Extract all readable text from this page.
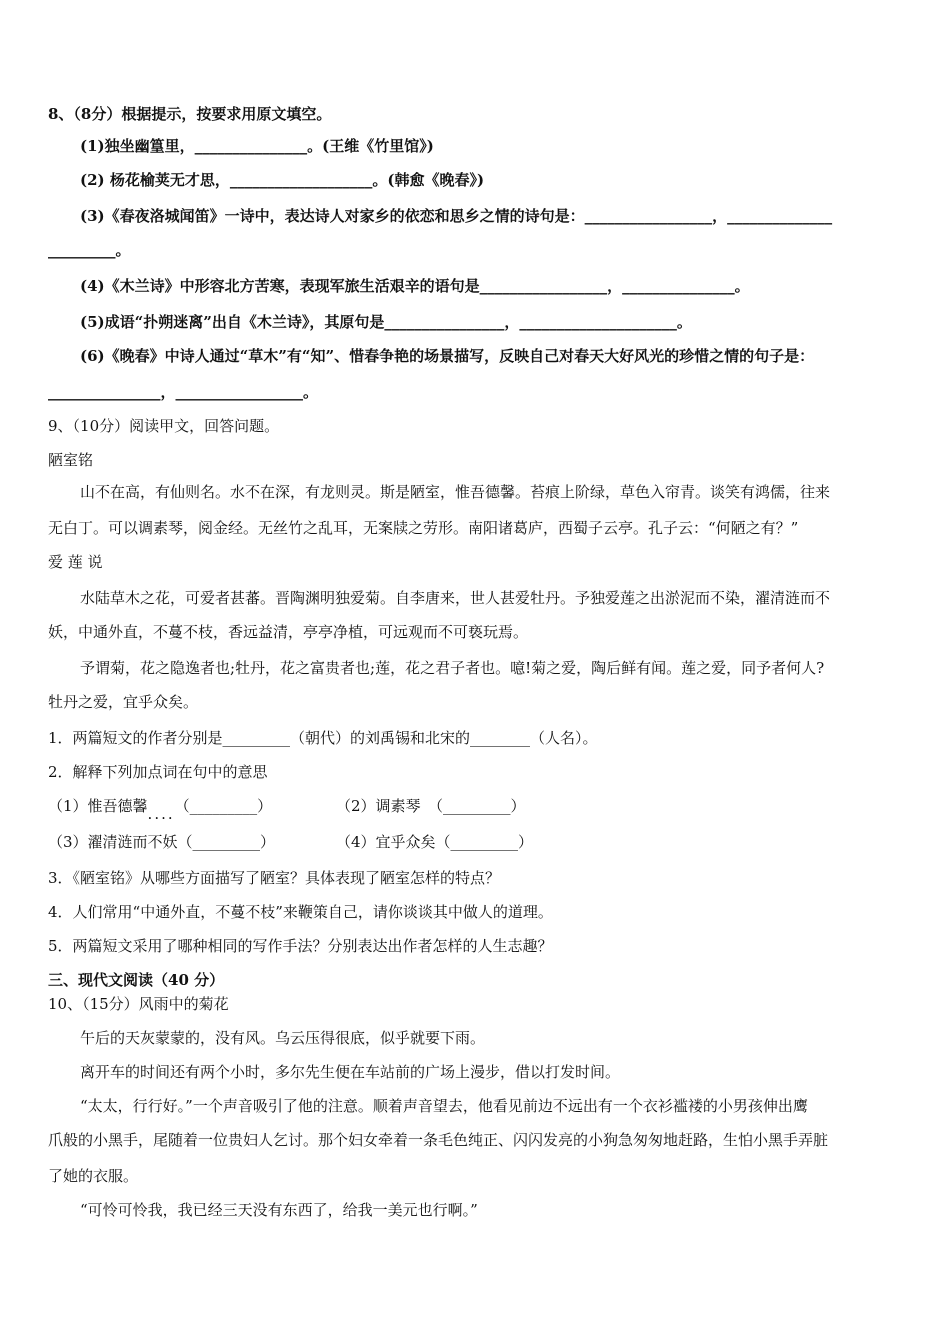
8、（8分）根据提示，按要求用原文填空。
(1)独坐幽篁里，_______________。(王维《竹里馆》)
(2) 杨花榆荚无才思，___________________。(韩愈《晚春》)
(3)《春夜洛城闻笛》一诗中，表达诗人对家乡的依恋和思乡之情的诗句是：_________________，______________
_________。
(4)《木兰诗》中形容北方苦寒，表现军旅生活艰辛的语句是_________________，_______________。
(5)成语“扑朔迷离”出自《木兰诗》，其原句是________________，_____________________。
(6)《晚春》中诗人通过“草木”有“知”、惜春争艳的场景描写，反映自己对春天大好风光的珍惜之情的句子是：
_______________，_________________。
9、（10分）阅读甲文，回答问题。
陋室铭
山不在高，有仙则名。水不在深，有龙则灵。斯是陋室，惟吾德馨。苔痕上阶绿，草色入帘青。谈笑有鸿儒，往来
无白丁。可以调素琴，阅金经。无丝竹之乱耳，无案牍之劳形。南阳诸葛庐，西蜀子云亭。孔子云：“何陋之有？”
爱 莲 说
水陆草木之花，可爱者甚蕃。晋陶渊明独爱菊。自李唐来，世人甚爱牡丹。予独爱莲之出淤泥而不染，濯清涟而不
妖，中通外直，不蔓不枝，香远益清，亭亭净植，可远观而不可亵玩焉。
予谓菊，花之隐逸者也;牡丹，花之富贵者也;莲，花之君子者也。噫!菊之爱，陶后鲜有闻。莲之爱，同予者何人?
牡丹之爱，宜乎众矣。
1．两篇短文的作者分别是_________（朝代）的刘禹锡和北宋的________（人名）。
2．解释下列加点词在句中的意思
（1）惟吾德馨....（_________）	（2）调素琴　（_________）
（3）濯清涟而不妖（_________）	（4）宜乎众矣（_________）
3．《陋室铭》从哪些方面描写了陋室？具体表现了陋室怎样的特点？
4．人们常用“中通外直，不蔓不枝”来鞭策自己，请你谈谈其中做人的道理。
5．两篇短文采用了哪种相同的写作手法？分别表达出作者怎样的人生志趣？
三、现代文阅读（40 分）
10、（15分）风雨中的菊花
午后的天灰蒙蒙的，没有风。乌云压得很底，似乎就要下雨。
离开车的时间还有两个小时，多尔先生便在车站前的广场上漫步，借以打发时间。
“太太，行行好。”一个声音吸引了他的注意。顺着声音望去，他看见前边不远出有一个衣衫褴褛的小男孩伸出鹰
爪般的小黑手，尾随着一位贵妇人乞讨。那个妇女牵着一条毛色纯正、闪闪发亮的小狗急匆匆地赶路，生怕小黑手弄脏
了她的衣服。
“可怜可怜我，我已经三天没有东西了，给我一美元也行啊。”
